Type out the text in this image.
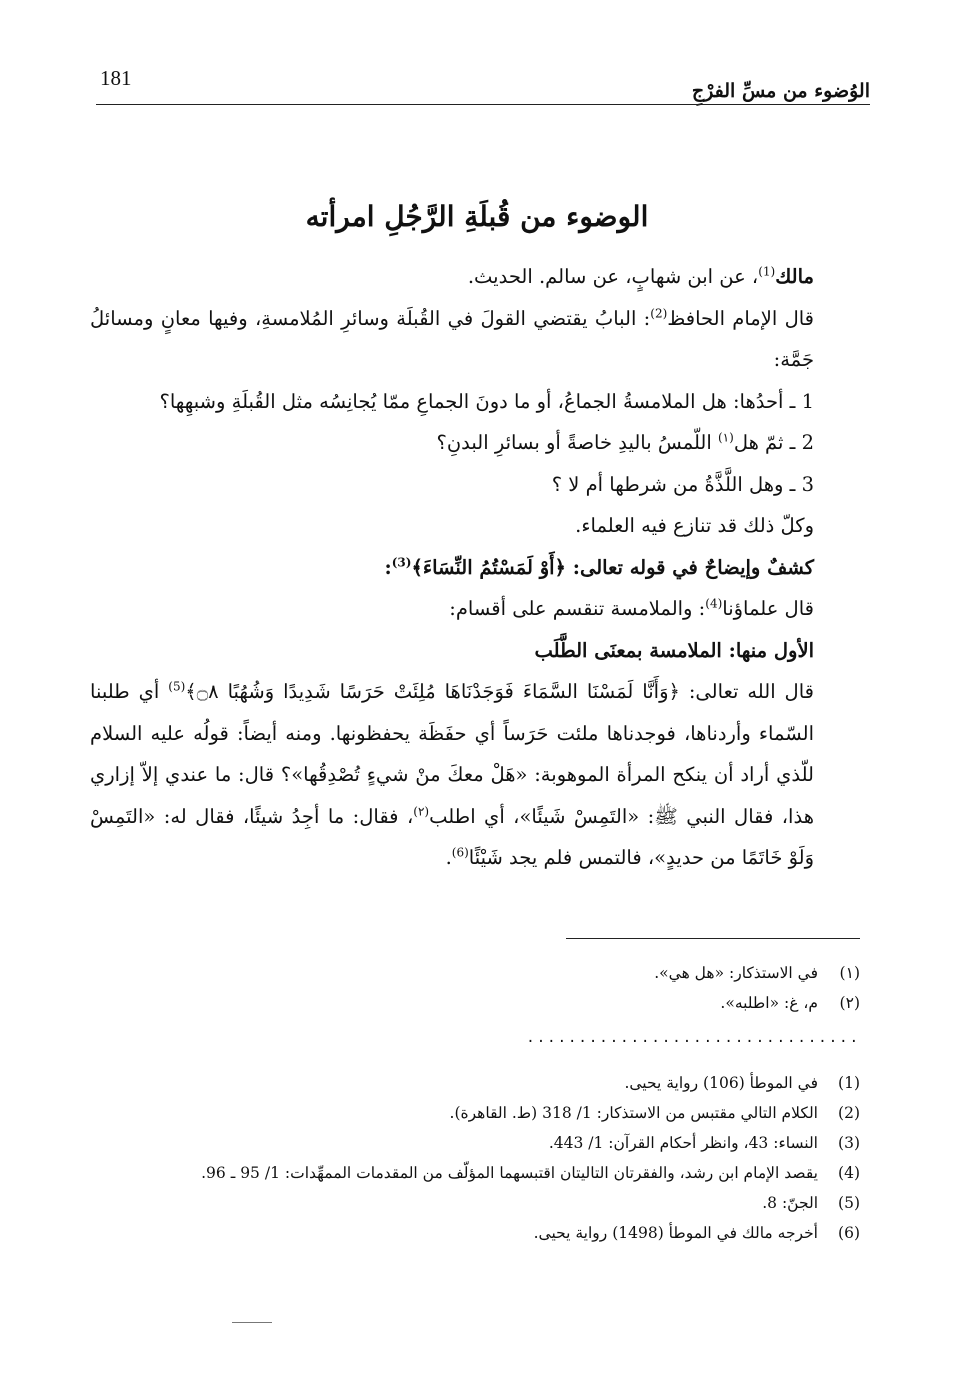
181
الوُضوء من مسِّ الفرْجِ
الوضوء من قُبلَةِ الرَّجُلِ امرأته

مالك$^{(1)}$، عن ابن شهابٍ، عن سالم. الحديث.

قال الإمام الحافظ$^{(2)}$: البابُ يقتضي القولَ في القُبلَة وسائرِ المُلامسةِ، وفيها معانٍ ومسائلُ جَمَّة:

1 ـ أحدُها: هل الملامسةُ الجماعُ، أو ما دونَ الجماعِ ممّا يُجانِسُه مثل القُبلَةِ وشبهِها؟

2 ـ ثمّ هل$^{(١)}$ اللّمسُ باليدِ خاصةً أو بسائرِ البدنِ؟

3 ـ وهل اللَّذَّةُ من شرطها أم لا ؟

وكلّ ذلك قد تنازع فيه العلماء.

كشفٌ وإيضاحٌ في قوله تعالى: ﴿أَوْ لَمَسْتُمُ النِّسَاءَ﴾$^{(3)}$:

قال علماؤنا$^{(4)}$: والملامسة تنقسم على أقسام:

الأول منها: الملامسة بمعنَى الطَّلَب

قال الله تعالى: ﴿وَأَنَّا لَمَسْنَا السَّمَاءَ فَوَجَدْنَاهَا مُلِئَتْ حَرَسًا شَدِيدًا وَشُهُبًا ۝٨﴾$^{(5)}$ أي طلبنا السّماء وأردناها، فوجدناها ملئت حَرَساً أي حفَظَة يحفظونها. ومنه أيضاً: قولُه عليه السلام للّذي أراد أن ينكح المرأة الموهوبة: «هَلْ معكَ منْ شيءٍ تُصْدِقُها»؟ قال: ما عندي إلاّ إزاري هذا، فقال النبي ﷺ: «التَمِسْ شَيئًا»، أي اطلب$^{(٢)}$، فقال: ما أجِدُ شيئًا، فقال له: «التَمِسْ وَلَوْ خَاتَمًا من حديدٍ»، فالتمس فلم يجد شَيْئًا$^{(6)}$.

(١)في الاستذكار: «هل هي».
(٢)م، غ: «اطلبه».
................................
(1)في الموطأ (106) رواية يحيى.
(2)الكلام التالي مقتبس من الاستذكار: 1/ 318 (ط. القاهرة).
(3)النساء: 43، وانظر أحكام القرآن: 1/ 443.
(4)يقصد الإمام ابن رشد، والفقرتان التاليتان اقتبسهما المؤلّف من المقدمات الممهِّدات: 1/ 95 ـ 96.
(5)الجنّ: 8.
(6)أخرجه مالك في الموطأ (1498) رواية يحيى.
